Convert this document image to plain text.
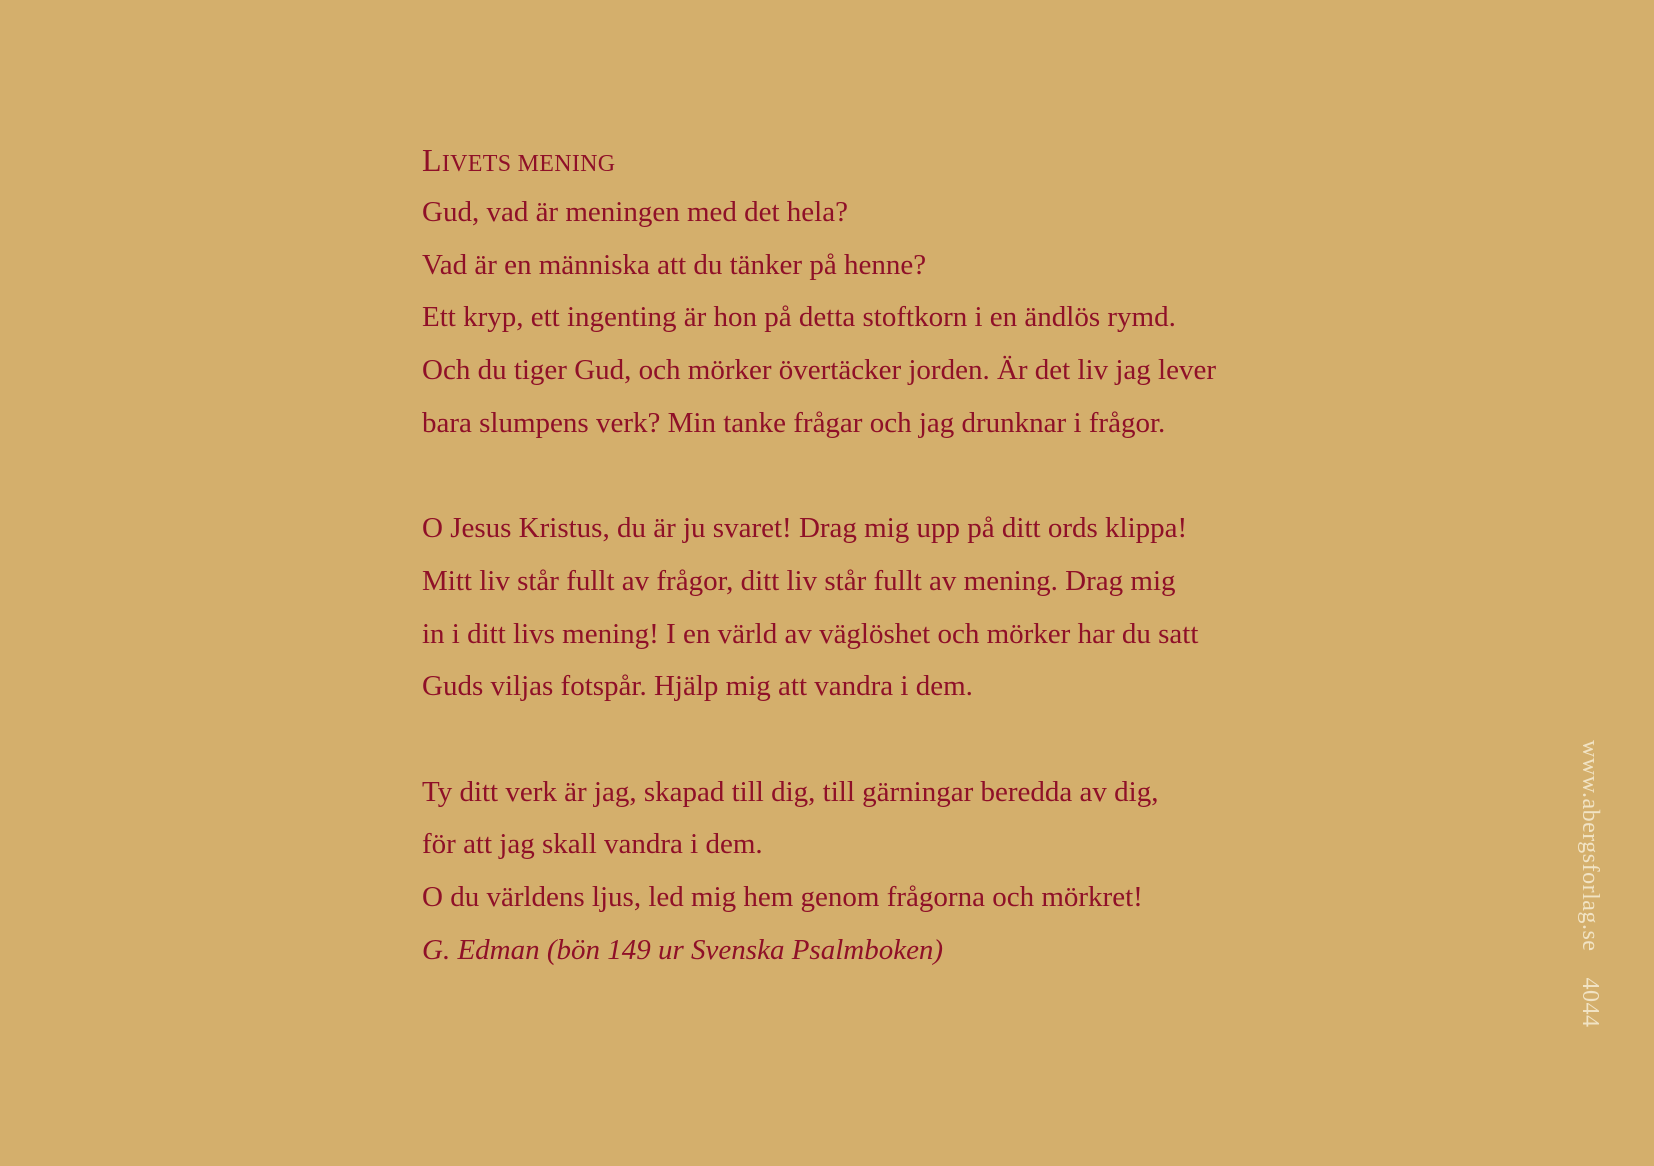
LIVETS MENING
Gud, vad är meningen med det hela?
Vad är en människa att du tänker på henne?
Ett kryp, ett ingenting är hon på detta stoftkorn i en ändlös rymd.
Och du tiger Gud, och mörker övertäcker jorden. Är det liv jag lever
bara slumpens verk? Min tanke frågar och jag drunknar i frågor.
O Jesus Kristus, du är ju svaret! Drag mig upp på ditt ords klippa!
Mitt liv står fullt av frågor, ditt liv står fullt av mening. Drag mig
in i ditt livs mening! I en värld av väglöshet och mörker har du satt
Guds viljas fotspår. Hjälp mig att vandra i dem.
Ty ditt verk är jag, skapad till dig, till gärningar beredda av dig,
för att jag skall vandra i dem.
O du världens ljus, led mig hem genom frågorna och mörkret!
G. Edman (bön 149 ur Svenska Psalmboken)	www.abergsforlag.se4044
